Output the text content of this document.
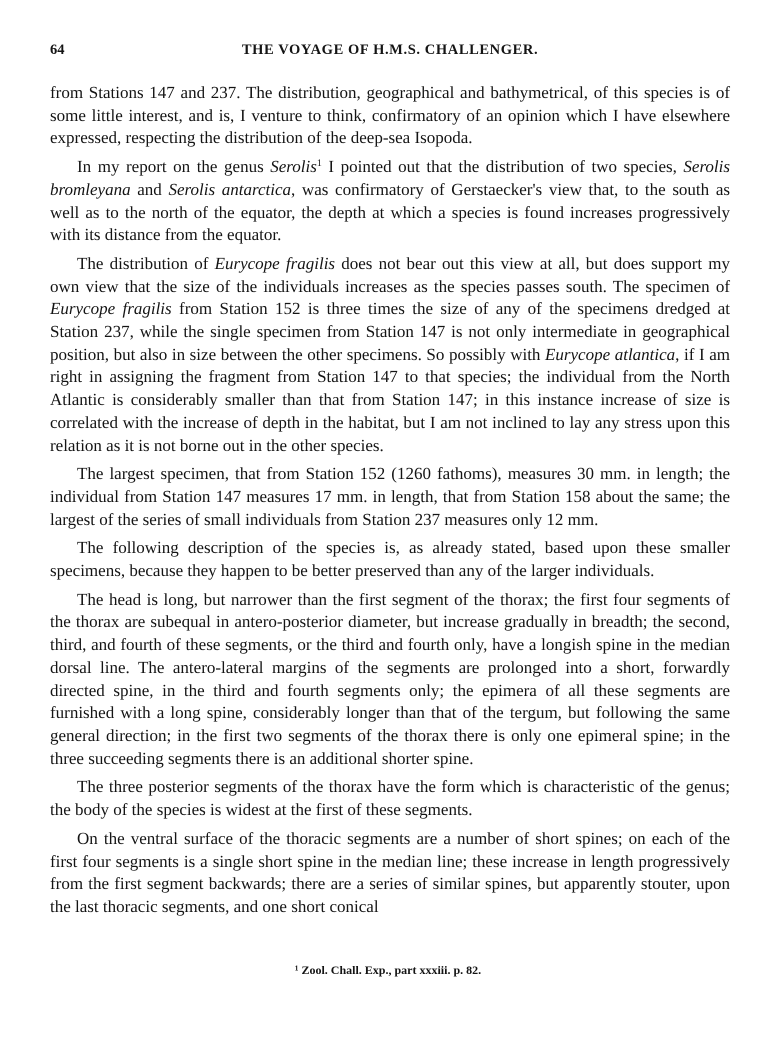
64	THE VOYAGE OF H.M.S. CHALLENGER.

from Stations 147 and 237. The distribution, geographical and bathymetrical, of this species is of some little interest, and is, I venture to think, confirmatory of an opinion which I have elsewhere expressed, respecting the distribution of the deep-sea Isopoda.

In my report on the genus Serolis$^1$ I pointed out that the distribution of two species, Serolis bromleyana and Serolis antarctica, was confirmatory of Gerstaecker's view that, to the south as well as to the north of the equator, the depth at which a species is found increases progressively with its distance from the equator.

The distribution of Eurycope fragilis does not bear out this view at all, but does support my own view that the size of the individuals increases as the species passes south. The specimen of Eurycope fragilis from Station 152 is three times the size of any of the specimens dredged at Station 237, while the single specimen from Station 147 is not only intermediate in geographical position, but also in size between the other specimens. So possibly with Eurycope atlantica, if I am right in assigning the fragment from Station 147 to that species; the individual from the North Atlantic is considerably smaller than that from Station 147; in this instance increase of size is correlated with the increase of depth in the habitat, but I am not inclined to lay any stress upon this relation as it is not borne out in the other species.

The largest specimen, that from Station 152 (1260 fathoms), measures 30 mm. in length; the individual from Station 147 measures 17 mm. in length, that from Station 158 about the same; the largest of the series of small individuals from Station 237 measures only 12 mm.

The following description of the species is, as already stated, based upon these smaller specimens, because they happen to be better preserved than any of the larger individuals.

The head is long, but narrower than the first segment of the thorax; the first four segments of the thorax are subequal in antero-posterior diameter, but increase gradually in breadth; the second, third, and fourth of these segments, or the third and fourth only, have a longish spine in the median dorsal line. The antero-lateral margins of the segments are prolonged into a short, forwardly directed spine, in the third and fourth segments only; the epimera of all these segments are furnished with a long spine, considerably longer than that of the tergum, but following the same general direction; in the first two segments of the thorax there is only one epimeral spine; in the three succeeding segments there is an additional shorter spine.

The three posterior segments of the thorax have the form which is characteristic of the genus; the body of the species is widest at the first of these segments.

On the ventral surface of the thoracic segments are a number of short spines; on each of the first four segments is a single short spine in the median line; these increase in length progressively from the first segment backwards; there are a series of similar spines, but apparently stouter, upon the last thoracic segments, and one short conical

¹ Zool. Chall. Exp., part xxxiii. p. 82.
